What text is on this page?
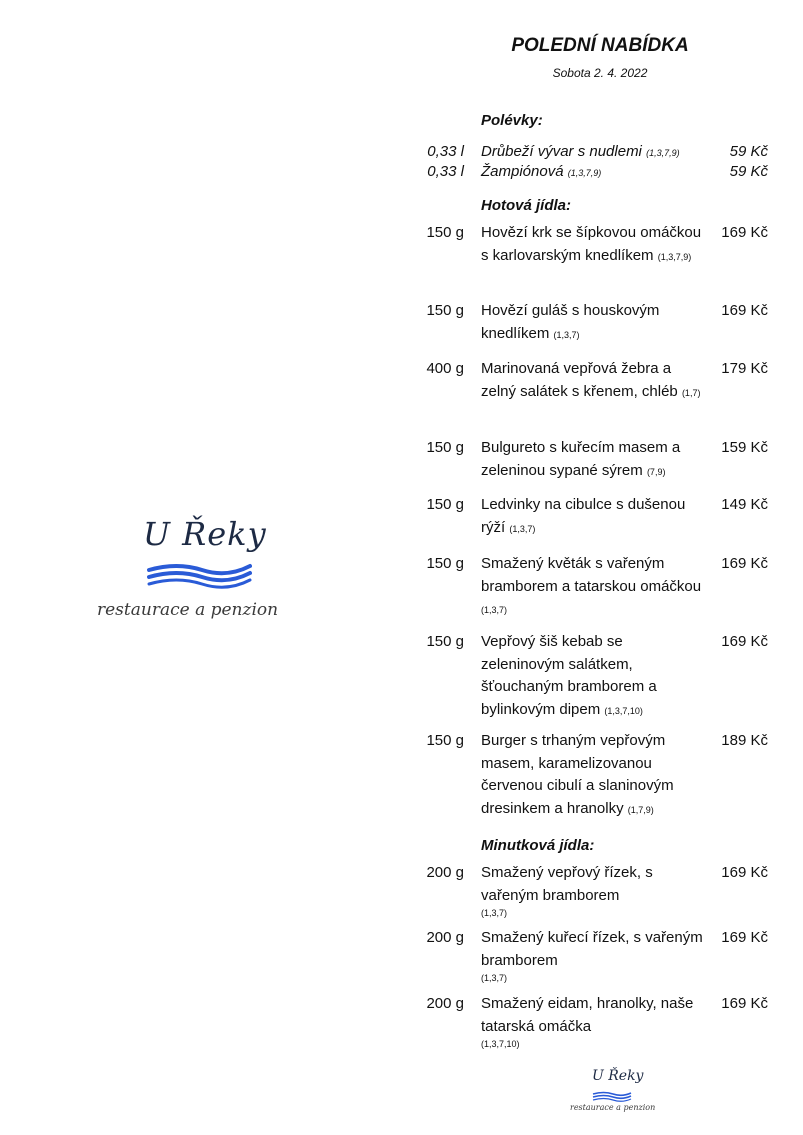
U Řeky
restaurace a penzion
POLEDNÍ NABÍDKA
Sobota 2. 4. 2022
Polévky:
0,33 l Drůbeží vývar s nudlemi (1,3,7,9)	59 Kč
0,33 l Žampiónová (1,3,7,9)	59 Kč
Hotová jídla:
150 g Hovězí krk se šípkovou omáčkou s karlovarským knedlíkem (1,3,7,9)
169 Kč
150 g Hovězí guláš s houskovým knedlíkem (1,3,7)
169 Kč
400 g Marinovaná vepřová žebra a zelný salátek s křenem, chléb (1,7)
179 Kč
150 g Bulgureto s kuřecím masem a zeleninou sypané sýrem (7,9)
159 Kč
150 g Ledvinky na cibulce s dušenou rýží (1,3,7)
149 Kč
150 g Smažený květák s vařeným bramborem a tatarskou omáčkou (1,3,7)
169 Kč
150 g Vepřový šiš kebab se zeleninovým salátkem, šťouchaným bramborem a bylinkovým dipem (1,3,7,10)
169 Kč
150 g Burger s trhaným vepřovým masem, karamelizovanou červenou cibulí a slaninovým dresinkem a hranolky (1,7,9)
189 Kč
Minutková jídla:
200 g Smažený vepřový řízek, s vařeným bramborem
(1,3,7)
169 Kč
200 g Smažený kuřecí řízek, s vařeným bramborem
(1,3,7)
169 Kč
200 g Smažený eidam, hranolky, naše tatarská omáčka
(1,3,7,10)
169 Kč
U Řeky
restaurace a penzion
